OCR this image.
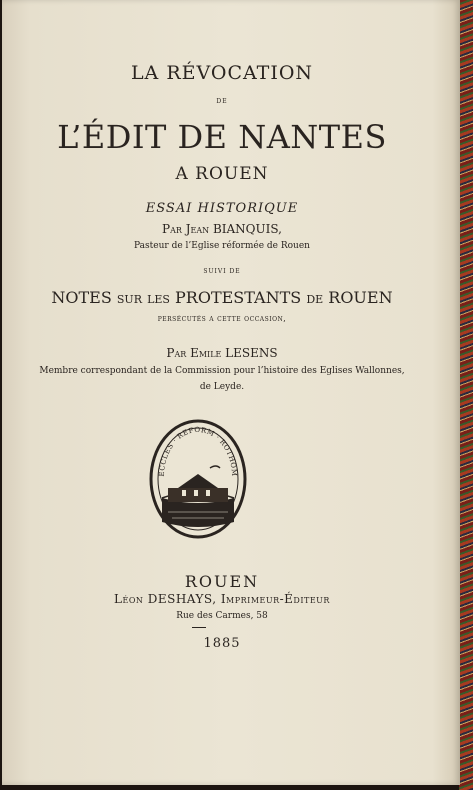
LA RÉVOCATION
DE
L’ÉDIT DE NANTES
A ROUEN
ESSAI HISTORIQUE
Par Jean BIANQUIS,
Pasteur de l’Eglise réformée de Rouen
SUIVI DE
NOTES sur les PROTESTANTS de ROUEN
persécutés a cette occasion,
Par Emile LESENS
Membre correspondant de la Commission pour l’histoire des Eglises Wallonnes,
de Leyde.
ECCLES · REFORM · ROTHOM
ROUEN
Léon DESHAYS, Imprimeur-Éditeur
Rue des Carmes, 58
1885
